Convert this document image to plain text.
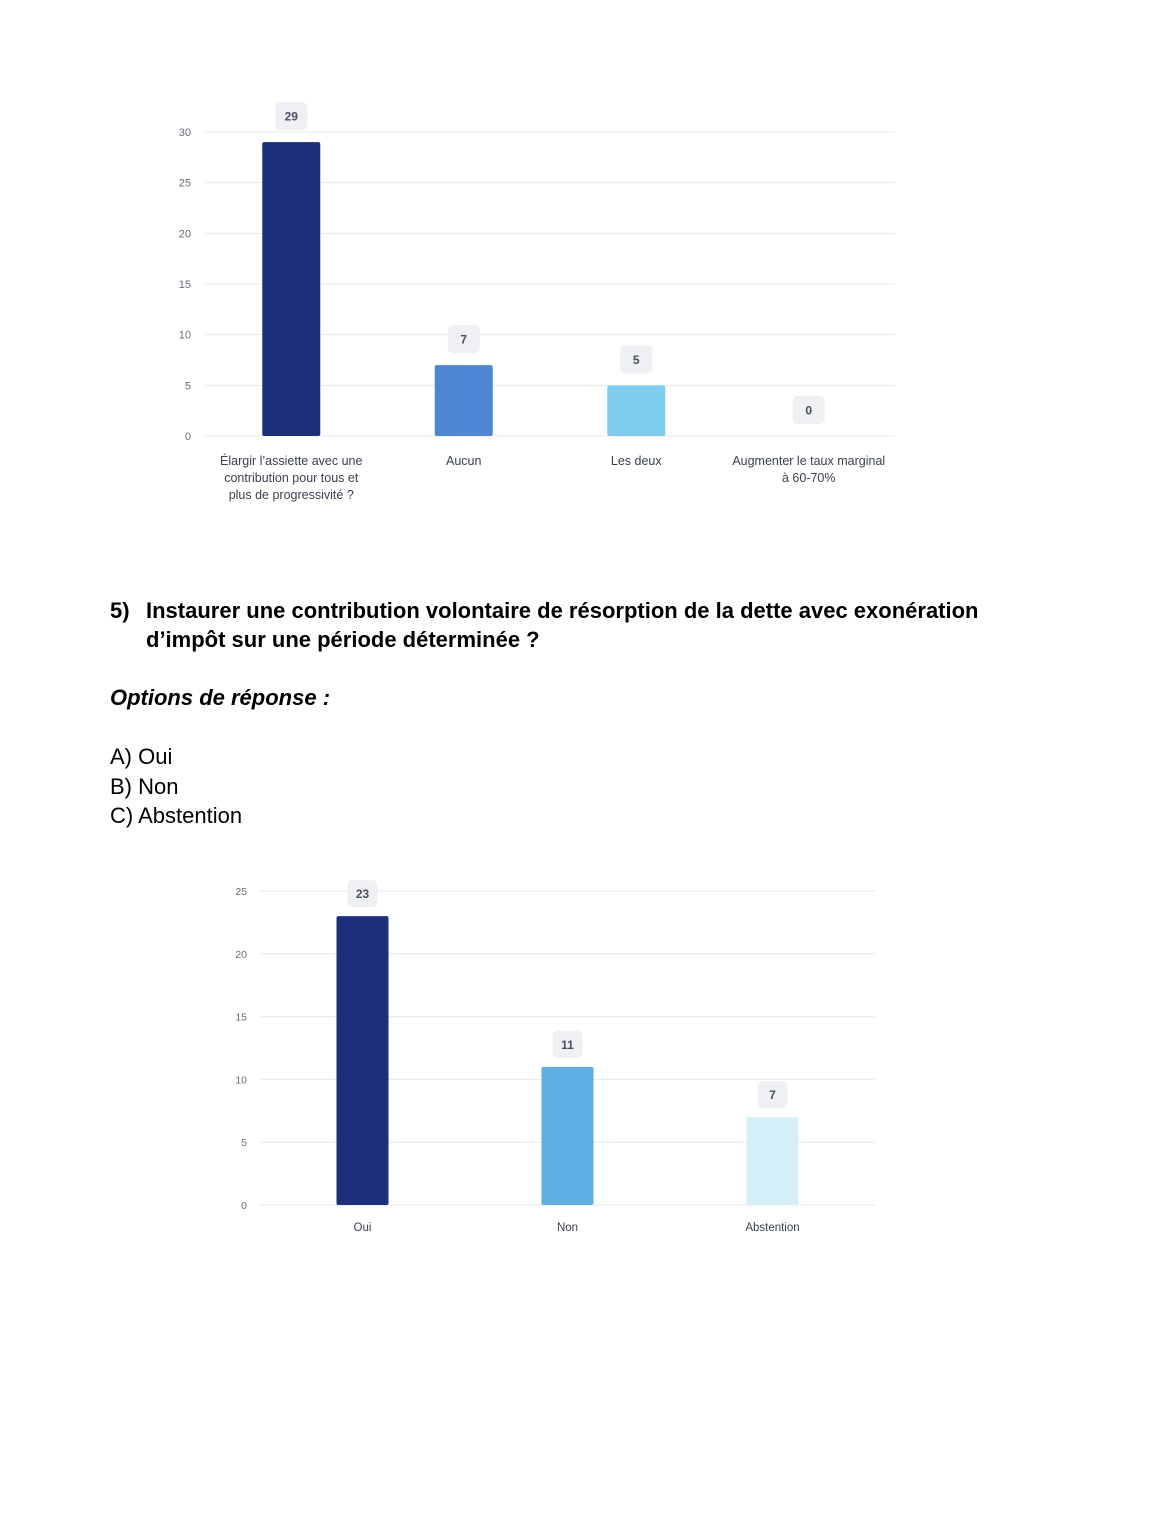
0
5
10
15
20
25
30
29
Élargir l’assiette avec une
contribution pour tous et
plus de progressivité ?
7
Aucun
5
Les deux
0
Augmenter le taux marginal
à 60-70%
5) Instaurer une contribution volontaire de résorption de la dette avec exonération
d’impôt sur une période déterminée ?
Options de réponse :
A) Oui
B) Non
C) Abstention
0
5
10
15
20
25	23
Oui
11
Non
7
Abstention
